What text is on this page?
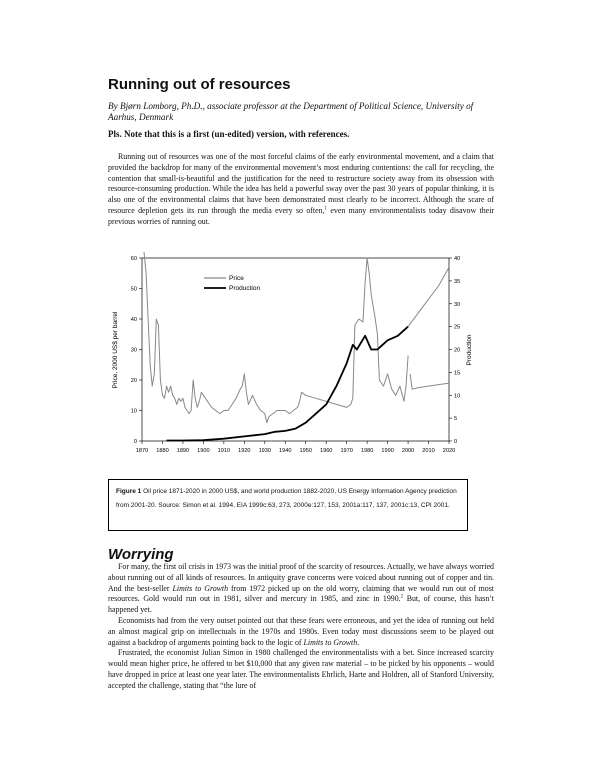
Running out of resources
By Bjørn Lomborg, Ph.D., associate professor at the Department of Political Science, University of Aarhus, Denmark
Pls. Note that this is a first (un-edited) version, with references.

Running out of resources was one of the most forceful claims of the early environmental movement, and a claim that provided the backdrop for many of the environmental movement’s most enduring contentions: the call for recycling, the contention that small-is-beautiful and the justification for the need to restructure society away from its obsession with resource-consuming production. While the idea has held a powerful sway over the past 30 years of popular thinking, it is also one of the environmental claims that have been demonstrated most clearly to be incorrect. Although the scare of resource depletion gets its run through the media every so often,$^1$ even many environmentalists today disavow their previous worries of running out.

Price, 2000 US$ per barrel	Production
1870 1880 1890 1900 1910 1920 1930 1940 1950 1960 1970 1980 1990 2000 2010 2020
0
10
20
30
40
50
60
0
5
10
15
20
25
30
35
40
Price
Production
Figure 1 Oil price 1871-2020 in 2000 US$, and world production 1882-2020, US Energy Information Agency prediction from 2001-20. Source: Simon et al. 1994, EIA 1999c:63, 273, 2000e:127, 153, 2001a:117, 137, 2001c:13, CPI 2001.
Worrying

For many, the first oil crisis in 1973 was the initial proof of the scarcity of resources. Actually, we have always worried about running out of all kinds of resources. In antiquity grave concerns were voiced about running out of copper and tin. And the best-seller Limits to Growth from 1972 picked up on the old worry, claiming that we would run out of most resources. Gold would run out in 1981, silver and mercury in 1985, and zinc in 1990.$^2$ But, of course, this hasn’t happened yet.

Economists had from the very outset pointed out that these fears were erroneous, and yet the idea of running out held an almost magical grip on intellectuals in the 1970s and 1980s. Even today most discussions seem to be played out against a backdrop of arguments pointing back to the logic of Limits to Growth.

Frustrated, the economist Julian Simon in 1980 challenged the environmentalists with a bet. Since increased scarcity would mean higher price, he offered to bet $10,000 that any given raw material – to be picked by his opponents – would have dropped in price at least one year later. The environmentalists Ehrlich, Harte and Holdren, all of Stanford University, accepted the challenge, stating that “the lure of
